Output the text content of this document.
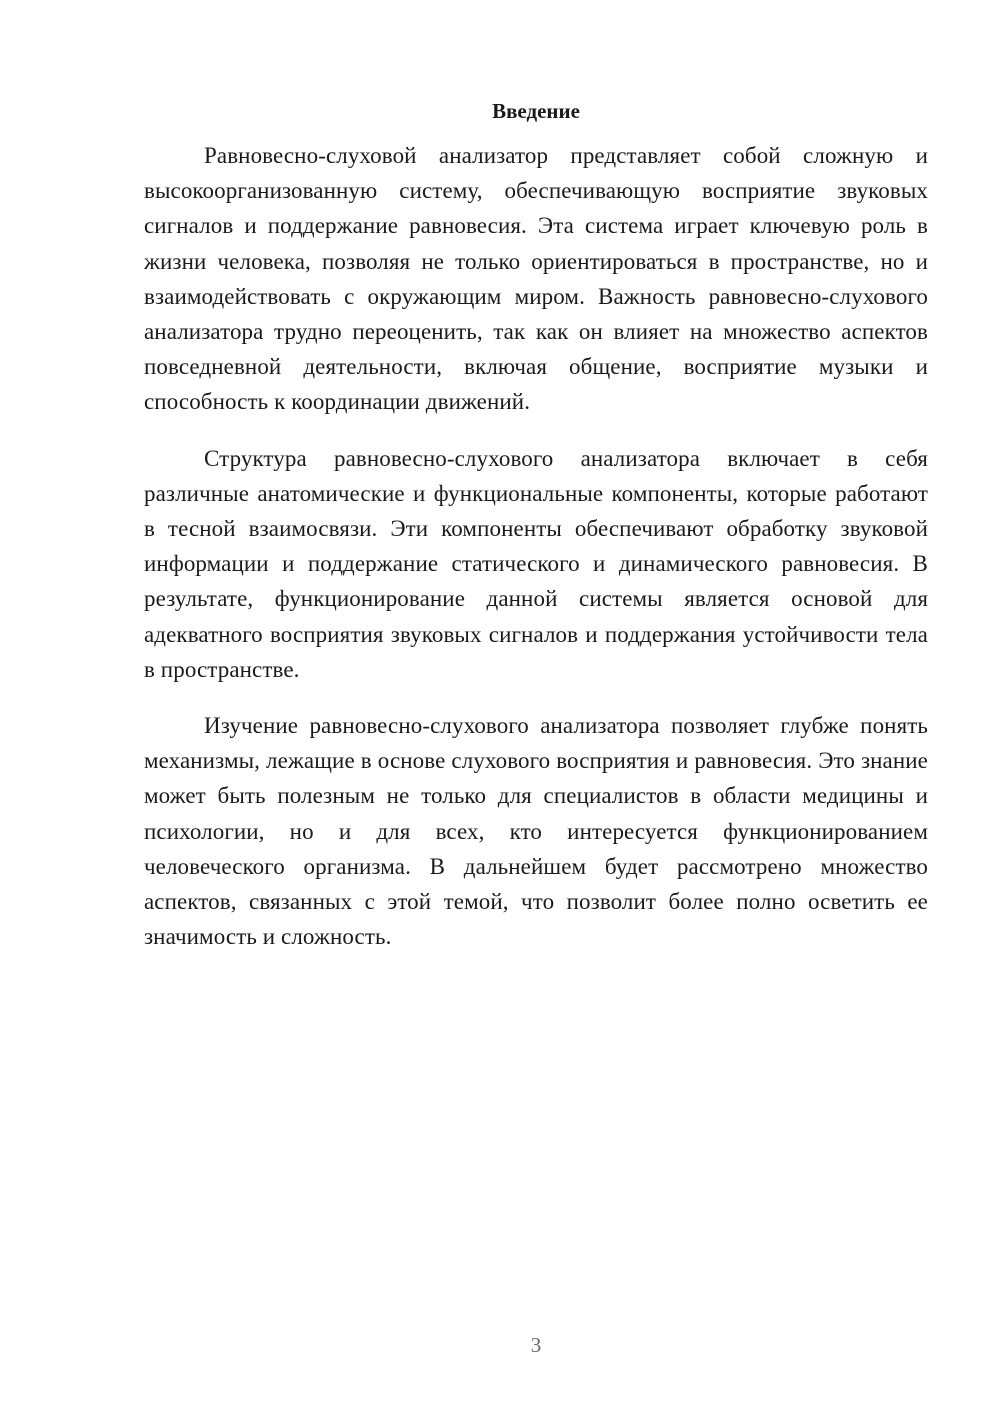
Введение

Равновесно-слуховой анализатор представляет собой сложную и высокоорганизованную систему, обеспечивающую восприятие звуковых сигналов и поддержание равновесия. Эта система играет ключевую роль в жизни человека, позволяя не только ориентироваться в пространстве, но и взаимодействовать с окружающим миром. Важность равновесно-слухового анализатора трудно переоценить, так как он влияет на множество аспектов повседневной деятельности, включая общение, восприятие музыки и способность к координации движений.

Структура равновесно-слухового анализатора включает в себя различные анатомические и функциональные компоненты, которые работают в тесной взаимосвязи. Эти компоненты обеспечивают обработку звуковой информации и поддержание статического и динамического равновесия. В результате, функционирование данной системы является основой для адекватного восприятия звуковых сигналов и поддержания устойчивости тела в пространстве.

Изучение равновесно-слухового анализатора позволяет глубже понять механизмы, лежащие в основе слухового восприятия и равновесия. Это знание может быть полезным не только для специалистов в области медицины и психологии, но и для всех, кто интересуется функционированием человеческого организма. В дальнейшем будет рассмотрено множество аспектов, связанных с этой темой, что позволит более полно осветить ее значимость и сложность.

3
